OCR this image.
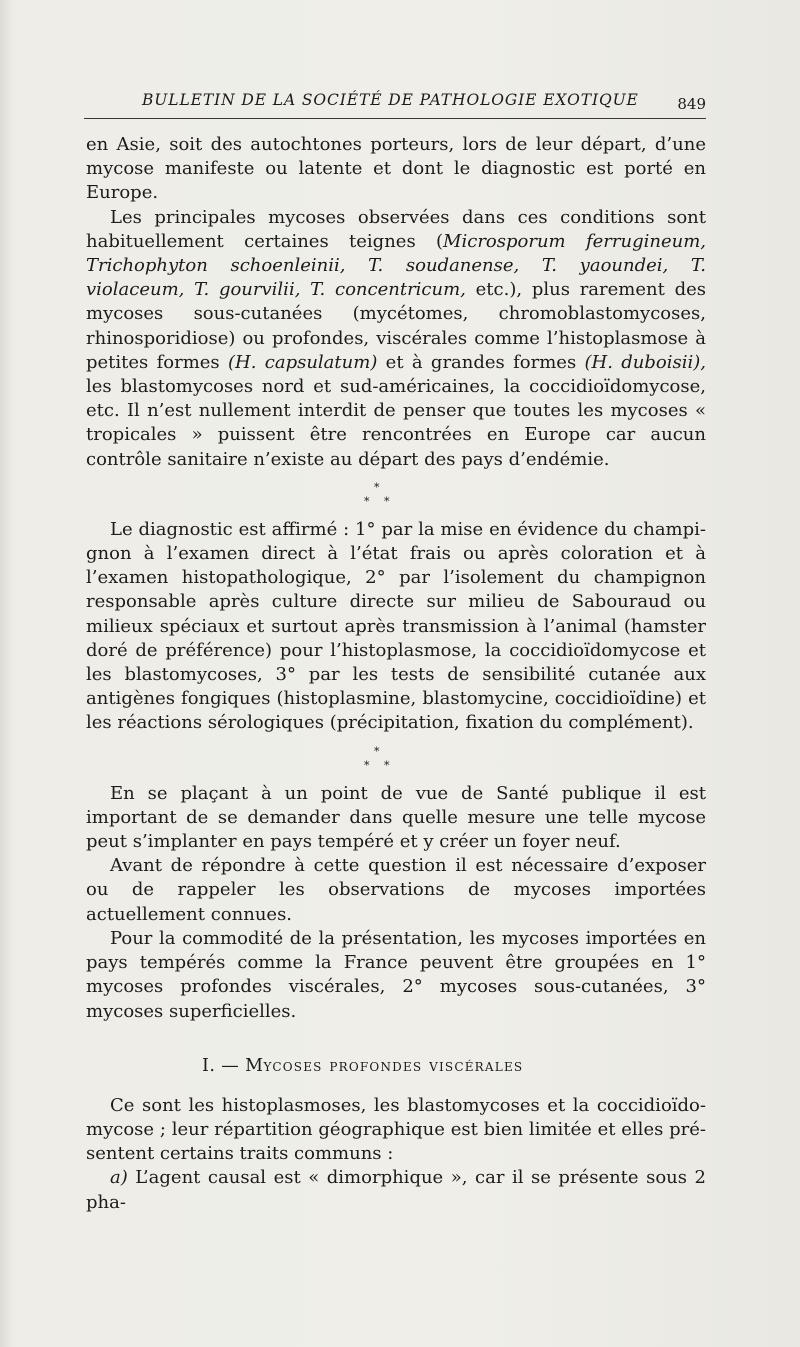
BULLETIN DE LA SOCIÉTÉ DE PATHOLOGIE EXOTIQUE	849

en Asie, soit des autochtones porteurs, lors de leur départ, d’une mycose manifeste ou latente et dont le diagnostic est porté en Europe.

Les principales mycoses observées dans ces conditions sont habituellement certaines teignes (Microsporum ferrugineum, Trichophyton schoenleinii, T. soudanense, T. yaoundei, T. violaceum, T. gourvilii, T. concentricum, etc.), plus rarement des mycoses sous-cutanées (mycétomes, chromoblastomycoses, rhinosporidiose) ou profondes, viscérales comme l’histoplasmose à petites formes (H. capsulatum) et à grandes formes (H. duboisii), les blastomycoses nord et sud-américaines, la coccidioïdomycose, etc. Il n’est nullement interdit de penser que toutes les mycoses « tropicales » puissent être rencontrées en Europe car aucun contrôle sanitaire n’existe au départ des pays d’endémie.

*
* *

Le diagnostic est affirmé : 1° par la mise en évidence du champignon à l’examen direct à l’état frais ou après coloration et à l’examen histopathologique, 2° par l’isolement du champignon responsable après culture directe sur milieu de Sabouraud ou milieux spéciaux et surtout après transmission à l’animal (hamster doré de préférence) pour l’histoplasmose, la coccidioïdomycose et les blastomycoses, 3° par les tests de sensibilité cutanée aux antigènes fongiques (histoplasmine, blastomycine, coccidioïdine) et les réactions sérologiques (précipitation, fixation du complément).

*
* *

En se plaçant à un point de vue de Santé publique il est important de se demander dans quelle mesure une telle mycose peut s’implanter en pays tempéré et y créer un foyer neuf.

Avant de répondre à cette question il est nécessaire d’exposer ou de rappeler les observations de mycoses importées actuellement connues.

Pour la commodité de la présentation, les mycoses importées en pays tempérés comme la France peuvent être groupées en 1° mycoses profondes viscérales, 2° mycoses sous-cutanées, 3° mycoses superficielles.

I. — Mycoses profondes viscérales

Ce sont les histoplasmoses, les blastomycoses et la coccidioïdomycose ; leur répartition géographique est bien limitée et elles présentent certains traits communs :

a) L’agent causal est « dimorphique », car il se présente sous 2 pha-
